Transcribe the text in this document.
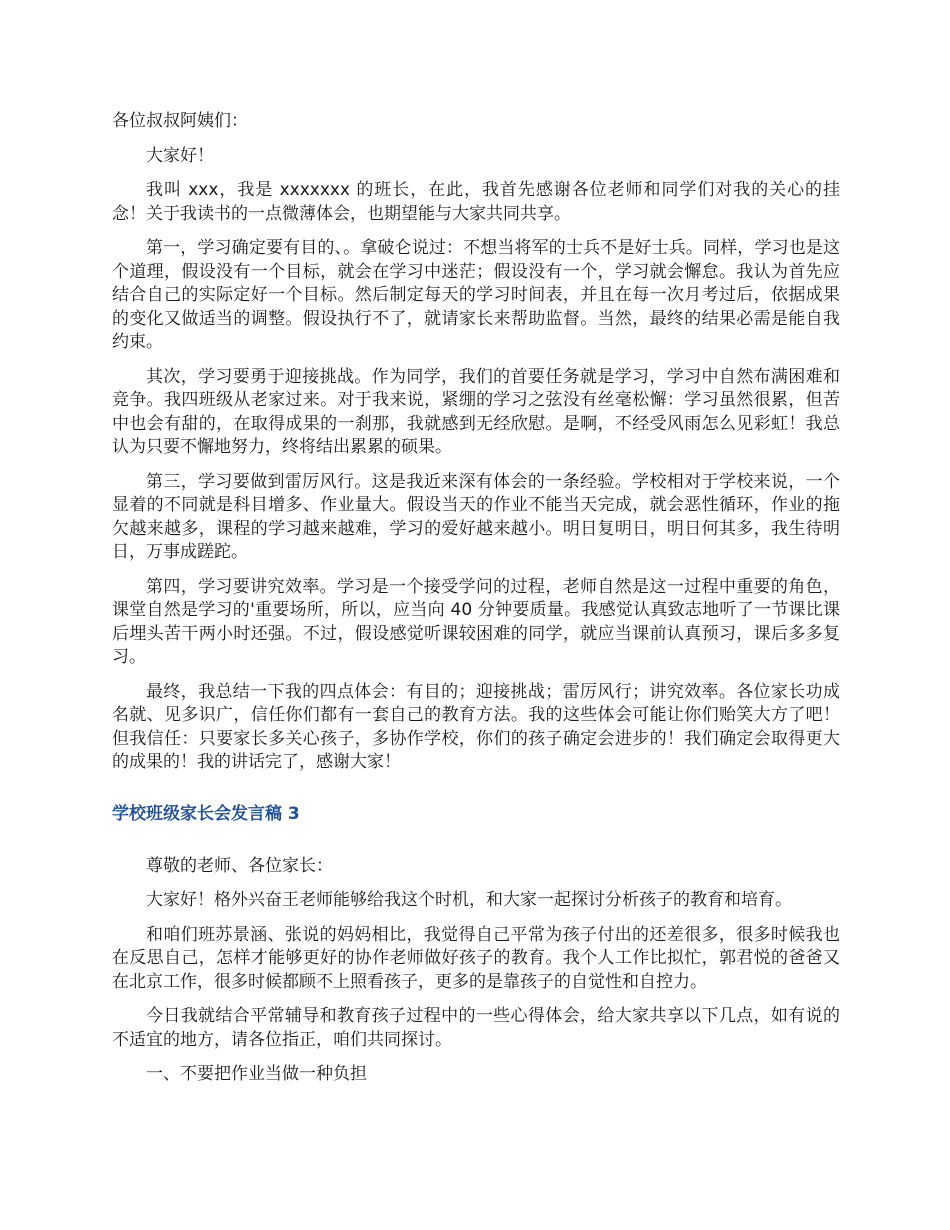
各位叔叔阿姨们：

大家好！

我叫 xxx，我是 xxxxxxx 的班长，在此，我首先感谢各位老师和同学们对我的关心的挂念！关于我读书的一点微薄体会，也期望能与大家共同共享。

第一，学习确定要有目的、。拿破仑说过：不想当将军的士兵不是好士兵。同样，学习也是这个道理，假设没有一个目标，就会在学习中迷茫；假设没有一个，学习就会懈怠。我认为首先应结合自己的实际定好一个目标。然后制定每天的学习时间表，并且在每一次月考过后，依据成果的变化又做适当的调整。假设执行不了，就请家长来帮助监督。当然，最终的结果必需是能自我约束。

其次，学习要勇于迎接挑战。作为同学，我们的首要任务就是学习，学习中自然布满困难和竞争。我四班级从老家过来。对于我来说，紧绷的学习之弦没有丝毫松懈：学习虽然很累，但苦中也会有甜的，在取得成果的一刹那，我就感到无经欣慰。是啊，不经受风雨怎么见彩虹！我总认为只要不懈地努力，终将结出累累的硕果。

第三，学习要做到雷厉风行。这是我近来深有体会的一条经验。学校相对于学校来说，一个显着的不同就是科目增多、作业量大。假设当天的作业不能当天完成，就会恶性循环，作业的拖欠越来越多，课程的学习越来越难，学习的爱好越来越小。明日复明日，明日何其多，我生待明日，万事成蹉跎。

第四，学习要讲究效率。学习是一个接受学问的过程，老师自然是这一过程中重要的角色，课堂自然是学习的'重要场所，所以，应当向 40 分钟要质量。我感觉认真致志地听了一节课比课后埋头苦干两小时还强。不过，假设感觉听课较困难的同学，就应当课前认真预习，课后多多复习。

最终，我总结一下我的四点体会：有目的；迎接挑战；雷厉风行；讲究效率。各位家长功成名就、见多识广，信任你们都有一套自己的教育方法。我的这些体会可能让你们贻笑大方了吧！但我信任：只要家长多关心孩子，多协作学校，你们的孩子确定会进步的！我们确定会取得更大的成果的！我的讲话完了，感谢大家！

学校班级家长会发言稿 3

尊敬的老师、各位家长：

大家好！格外兴奋王老师能够给我这个时机，和大家一起探讨分析孩子的教育和培育。

和咱们班苏景涵、张说的妈妈相比，我觉得自己平常为孩子付出的还差很多，很多时候我也在反思自己，怎样才能够更好的协作老师做好孩子的教育。我个人工作比拟忙，郭君悦的爸爸又在北京工作，很多时候都顾不上照看孩子，更多的是靠孩子的自觉性和自控力。

今日我就结合平常辅导和教育孩子过程中的一些心得体会，给大家共享以下几点，如有说的不适宜的地方，请各位指正，咱们共同探讨。

一、不要把作业当做一种负担
